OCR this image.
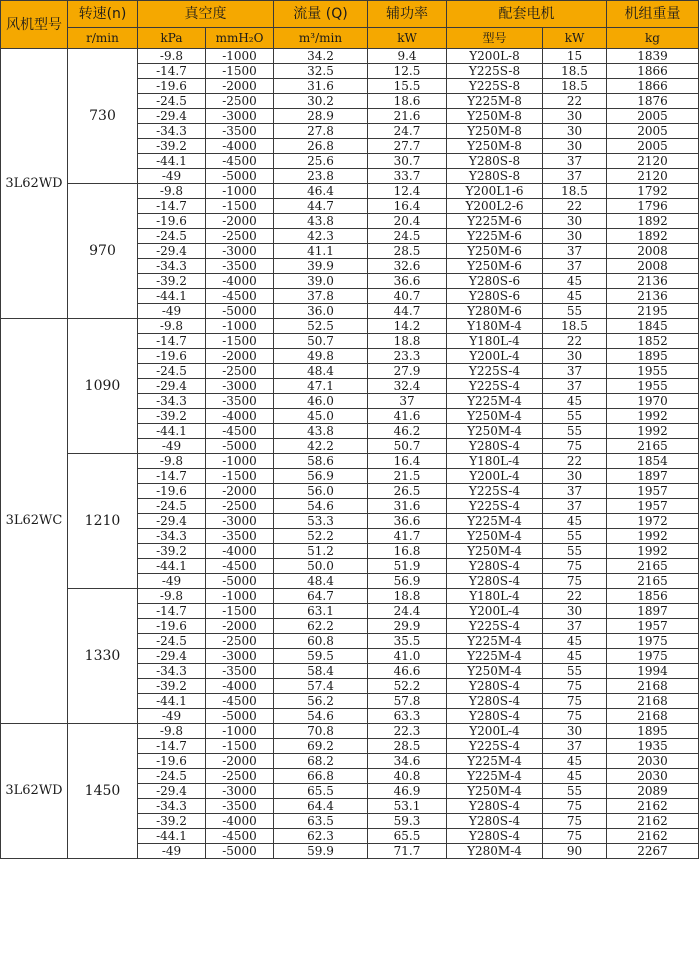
风机型号	转速(n)	真空度		流量 (Q)	辅功率	配套电机		机组重量
	r/min	kPa	mmH₂O	m³/min	kW	型号	kW	kg
3L62WD	730	-9.8	-1000	34.2	9.4	Y200L-8	15	1839
		-14.7	-1500	32.5	12.5	Y225S-8	18.5	1866
		-19.6	-2000	31.6	15.5	Y225S-8	18.5	1866
		-24.5	-2500	30.2	18.6	Y225M-8	22	1876
		-29.4	-3000	28.9	21.6	Y250M-8	30	2005
		-34.3	-3500	27.8	24.7	Y250M-8	30	2005
		-39.2	-4000	26.8	27.7	Y250M-8	30	2005
		-44.1	-4500	25.6	30.7	Y280S-8	37	2120
		-49	-5000	23.8	33.7	Y280S-8	37	2120
	970	-9.8	-1000	46.4	12.4	Y200L1-6	18.5	1792
		-14.7	-1500	44.7	16.4	Y200L2-6	22	1796
		-19.6	-2000	43.8	20.4	Y225M-6	30	1892
		-24.5	-2500	42.3	24.5	Y225M-6	30	1892
		-29.4	-3000	41.1	28.5	Y250M-6	37	2008
		-34.3	-3500	39.9	32.6	Y250M-6	37	2008
		-39.2	-4000	39.0	36.6	Y280S-6	45	2136
		-44.1	-4500	37.8	40.7	Y280S-6	45	2136
		-49	-5000	36.0	44.7	Y280M-6	55	2195
3L62WC	1090	-9.8	-1000	52.5	14.2	Y180M-4	18.5	1845
		-14.7	-1500	50.7	18.8	Y180L-4	22	1852
		-19.6	-2000	49.8	23.3	Y200L-4	30	1895
		-24.5	-2500	48.4	27.9	Y225S-4	37	1955
		-29.4	-3000	47.1	32.4	Y225S-4	37	1955
		-34.3	-3500	46.0	37	Y225M-4	45	1970
		-39.2	-4000	45.0	41.6	Y250M-4	55	1992
		-44.1	-4500	43.8	46.2	Y250M-4	55	1992
		-49	-5000	42.2	50.7	Y280S-4	75	2165
	1210	-9.8	-1000	58.6	16.4	Y180L-4	22	1854
		-14.7	-1500	56.9	21.5	Y200L-4	30	1897
		-19.6	-2000	56.0	26.5	Y225S-4	37	1957
		-24.5	-2500	54.6	31.6	Y225S-4	37	1957
		-29.4	-3000	53.3	36.6	Y225M-4	45	1972
		-34.3	-3500	52.2	41.7	Y250M-4	55	1992
		-39.2	-4000	51.2	16.8	Y250M-4	55	1992
		-44.1	-4500	50.0	51.9	Y280S-4	75	2165
		-49	-5000	48.4	56.9	Y280S-4	75	2165
	1330	-9.8	-1000	64.7	18.8	Y180L-4	22	1856
		-14.7	-1500	63.1	24.4	Y200L-4	30	1897
		-19.6	-2000	62.2	29.9	Y225S-4	37	1957
		-24.5	-2500	60.8	35.5	Y225M-4	45	1975
		-29.4	-3000	59.5	41.0	Y225M-4	45	1975
		-34.3	-3500	58.4	46.6	Y250M-4	55	1994
		-39.2	-4000	57.4	52.2	Y280S-4	75	2168
		-44.1	-4500	56.2	57.8	Y280S-4	75	2168
		-49	-5000	54.6	63.3	Y280S-4	75	2168
3L62WD	1450	-9.8	-1000	70.8	22.3	Y200L-4	30	1895
		-14.7	-1500	69.2	28.5	Y225S-4	37	1935
		-19.6	-2000	68.2	34.6	Y225M-4	45	2030
		-24.5	-2500	66.8	40.8	Y225M-4	45	2030
		-29.4	-3000	65.5	46.9	Y250M-4	55	2089
		-34.3	-3500	64.4	53.1	Y280S-4	75	2162
		-39.2	-4000	63.5	59.3	Y280S-4	75	2162
		-44.1	-4500	62.3	65.5	Y280S-4	75	2162
		-49	-5000	59.9	71.7	Y280M-4	90	2267
